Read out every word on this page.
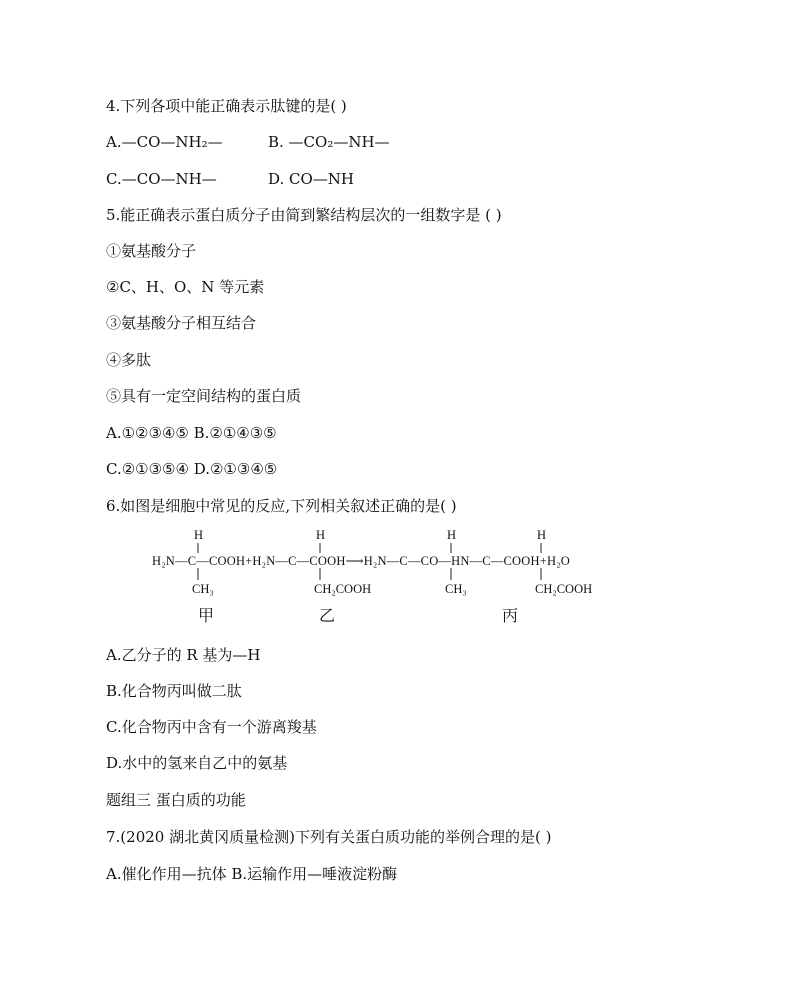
4.下列各项中能正确表示肽键的是( )
A.—CO—NH₂—	B. —CO₂—NH—
C.—CO—NH—	D. CO—NH
5.能正确表示蛋白质分子由简到繁结构层次的一组数字是 ( )
①氨基酸分子
②C、H、O、N 等元素
③氨基酸分子相互结合
④多肽
⑤具有一定空间结构的蛋白质
A.①②③④⑤ B.②①④③⑤
C.②①③⑤④ D.②①③④⑤
6.如图是细胞中常见的反应,下列相关叙述正确的是( )
H	H	H	H
H₂N—C—COOH+H₂N—C—COOH⟶H₂N—C—CO—HN—C—COOH+H₂O
CH₃	CH₂COOH	CH₃	CH₂COOH
甲	乙	丙
A.乙分子的 R 基为—H
B.化合物丙叫做二肽
C.化合物丙中含有一个游离羧基
D.水中的氢来自乙中的氨基
题组三 蛋白质的功能
7.(2020 湖北黄冈质量检测)下列有关蛋白质功能的举例合理的是( )
A.催化作用—抗体 B.运输作用—唾液淀粉酶
